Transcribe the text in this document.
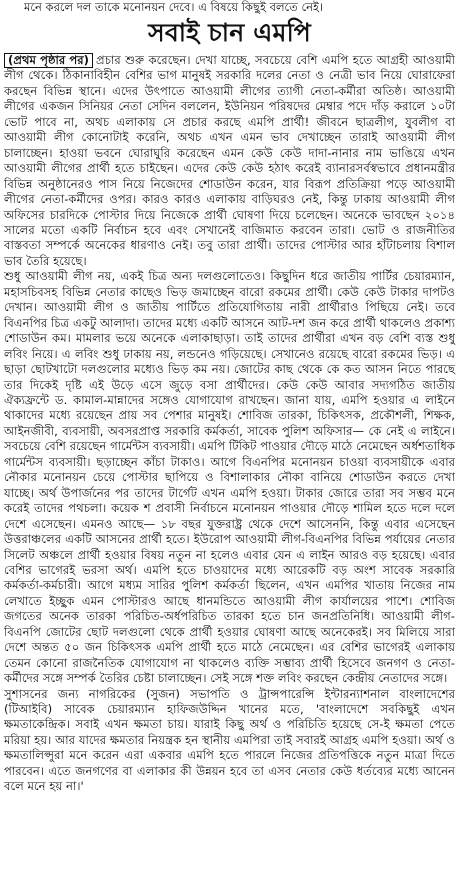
মনে করলে দল তাকে মনোনয়ন দেবে। এ বিষয়ে কিছুই বলতে নেই।
সবাই চান এমপি

(প্রথম পৃষ্ঠার পর) প্রচার শুরু করেছেন। দেখা যাচ্ছে, সবচেয়ে বেশি এমপি হতে আগ্রহী আওয়ামী লীগ থেকে। ঠিকানাবিহীন বেশির ভাগ মানুষই সরকারি দলের নেতা ও নেত্রী ভাব নিয়ে ঘোরাফেরা করছেন বিভিন্ন স্থানে। এদের উৎপাতে আওয়ামী লীগের ত্যাগী নেতা-কর্মীরা অতিষ্ঠ। আওয়ামী লীগের একজন সিনিয়র নেতা সেদিন বললেন, ইউনিয়ন পরিষদের মেম্বার পদে দাঁড় করালে ১০টা ভোট পাবে না, অথচ এলাকায় সে প্রচার করছে এমপি প্রার্থী! জীবনে ছাত্রলীগ, যুবলীগ বা আওয়ামী লীগ কোনোটাই করেনি, অথচ এখন এমন ভাব দেখাচ্ছেন তারাই আওয়ামী লীগ চালাচ্ছেন। হাওয়া ভবনে ঘোরাঘুরি করেছেন এমন কেউ কেউ দাদা-নানার নাম ভাঙিয়ে এখন আওয়ামী লীগের প্রার্থী হতে চাইছেন। এদের কেউ কেউ হঠাৎ করেই ব্যানারসর্বস্বভাবে প্রধানমন্ত্রীর বিভিন্ন অনুষ্ঠানেরও পাস নিয়ে নিজেদের শোডাউন করেন, যার বিরূপ প্রতিক্রিয়া পড়ে আওয়ামী লীগের নেতা-কর্মীদের ওপর। কারও কারও এলাকায় বাড়িঘরও নেই, কিন্তু ঢাকায় আওয়ামী লীগ অফিসের চারদিকে পোস্টার দিয়ে নিজেকে প্রার্থী ঘোষণা দিয়ে চলেছেন। অনেকে ভাবছেন ২০১৪ সালের মতো একটি নির্বাচন হবে এবং সেখানেই বাজিমাত করবেন তারা। ভোট ও রাজনীতির বাস্তবতা সম্পর্কে অনেকের ধারণাও নেই। তবু তারা প্রার্থী। তাদের পোস্টার আর হাঁটাচলায় বিশাল ভাব তৈরি হয়েছে।

শুধু আওয়ামী লীগ নয়, একই চিত্র অন্য দলগুলোতেও। কিছুদিন ধরে জাতীয় পার্টির চেয়ারম্যান, মহাসচিবসহ বিভিন্ন নেতার কাছেও ভিড় জমাচ্ছেন বারো রকমের প্রার্থী। কেউ কেউ টাকার দাপটও দেখান। আওয়ামী লীগ ও জাতীয় পার্টিতে প্রতিযোগিতায় নারী প্রার্থীরাও পিছিয়ে নেই। তবে বিএনপির চিত্র একটু আলাদা। তাদের মধ্যে একটি আসনে আট-দশ জন করে প্রার্থী থাকলেও প্রকাশ্য শোডাউন কম। মামলার ভয়ে অনেকে এলাকাছাড়া। তাই তাদের প্রার্থীরা এখন বড় বেশি ব্যস্ত শুধু লবিং নিয়ে। এ লবিং শুধু ঢাকায় নয়, লন্ডনেও গড়িয়েছে। সেখানেও রয়েছে বারো রকমের ভিড়। এ ছাড়া ছোটখাটো দলগুলোর মধ্যেও ভিড় কম নয়। জোটের কাছ থেকে কে কত আসন নিতে পারছে তার দিকেই দৃষ্টি এই উড়ে এসে জুড়ে বসা প্রার্থীদের। কেউ কেউ আবার সদ্যগঠিত জাতীয় ঐক্যফ্রন্টে ড. কামাল-মান্নাদের সঙ্গেও যোগাযোগ রাখছেন। জানা যায়, এমপি হওয়ার এ লাইনে থাকাদের মধ্যে রয়েছেন প্রায় সব পেশার মানুষই। শোবিজ তারকা, চিকিৎসক, প্রকৌশলী, শিক্ষক, আইনজীবী, ব্যবসায়ী, অবসরপ্রাপ্ত সরকারি কর্মকর্তা, সাবেক পুলিশ অফিসার— কে নেই এ লাইনে। সবচেয়ে বেশি রয়েছেন গার্মেন্টস ব্যবসায়ী। এমপি টিকিট পাওয়ার দৌড়ে মাঠে নেমেছেন অর্ধশতাধিক গার্মেন্টস ব্যবসায়ী। ছড়াচ্ছেন কাঁচা টাকাও। আগে বিএনপির মনোনয়ন চাওয়া ব্যবসায়ীকে এবার নৌকার মনোনয়ন চেয়ে পোস্টার ছাপিয়ে ও বিশালাকার নৌকা বানিয়ে শোডাউন করতে দেখা যাচ্ছে। অর্থ উপার্জনের পর তাদের টার্গেট এখন এমপি হওয়া। টাকার জোরে তারা সব সম্ভব মনে করেই তাদের পথচলা। কয়েক শ প্রবাসী নির্বাচনে মনোনয়ন পাওয়ার দৌড়ে শামিল হতে দলে দলে দেশে এসেছেন। এমনও আছে— ১৮ বছর যুক্তরাষ্ট্র থেকে দেশে আসেননি, কিন্তু এবার এসেছেন উত্তরাঞ্চলের একটি আসনের প্রার্থী হতে। ইউরোপ আওয়ামী লীগ-বিএনপির বিভিন্ন পর্যায়ের নেতার সিলেট অঞ্চলে প্রার্থী হওয়ার বিষয় নতুন না হলেও এবার যেন এ লাইন আরও বড় হয়েছে। এবার বেশির ভাগেরই ভরসা অর্থ। এমপি হতে চাওয়াদের মধ্যে আরেকটি বড় অংশ সাবেক সরকারি কর্মকর্তা-কর্মচারী। আগে মধ্যম সারির পুলিশ কর্মকর্তা ছিলেন, এখন এমপির খাতায় নিজের নাম লেখাতে ইচ্ছুক এমন পোস্টারও আছে ধানমন্ডিতে আওয়ামী লীগ কার্যালয়ের পাশে। শোবিজ জগতের অনেক তারকা পরিচিত-অর্ধপরিচিত তারকা হতে চান জনপ্রতিনিধি। আওয়ামী লীগ-বিএনপি জোটের ছোট দলগুলো থেকে প্রার্থী হওয়ার ঘোষণা আছে অনেকেরই। সব মিলিয়ে সারা দেশে অন্তত ৫০ জন চিকিৎসক এমপি প্রার্থী হতে মাঠে নেমেছেন। এর বেশির ভাগেরই এলাকায় তেমন কোনো রাজনৈতিক যোগাযোগ না থাকলেও ব্যক্তি সম্ভাব্য প্রার্থী হিসেবে জনগণ ও নেতা-কর্মীদের সঙ্গে সম্পর্ক তৈরির চেষ্টা চালাচ্ছেন। সেই সঙ্গে শক্ত লবিং করছেন কেন্দ্রীয় নেতাদের সঙ্গে।

সুশাসনের জন্য নাগরিকের (সুজন) সভাপতি ও ট্রান্সপারেন্সি ইন্টারন্যাশনাল বাংলাদেশের (টিআইবি) সাবেক চেয়ারম্যান হাফিজউদ্দিন খানের মতে, 'বাংলাদেশে সবকিছুই এখন ক্ষমতাকেন্দ্রিক। সবাই এখন ক্ষমতা চায়। যারাই কিছু অর্থ ও পরিচিতি হয়েছে সে-ই ক্ষমতা পেতে মরিয়া হয়। আর যাদের ক্ষমতার নিয়ন্ত্রক হন স্থানীয় এমপিরা তাই সবারই আগ্রহ এমপি হওয়া। অর্থ ও ক্ষমতালিপ্সুরা মনে করেন এরা একবার এমপি হতে পারলে নিজের প্রতিপত্তিকে নতুন মাত্রা দিতে পারবেন। এতে জনগণের বা এলাকার কী উন্নয়ন হবে তা এসব নেতার কেউ ধর্তব্যের মধ্যে আনেন বলে মনে হয় না।'
